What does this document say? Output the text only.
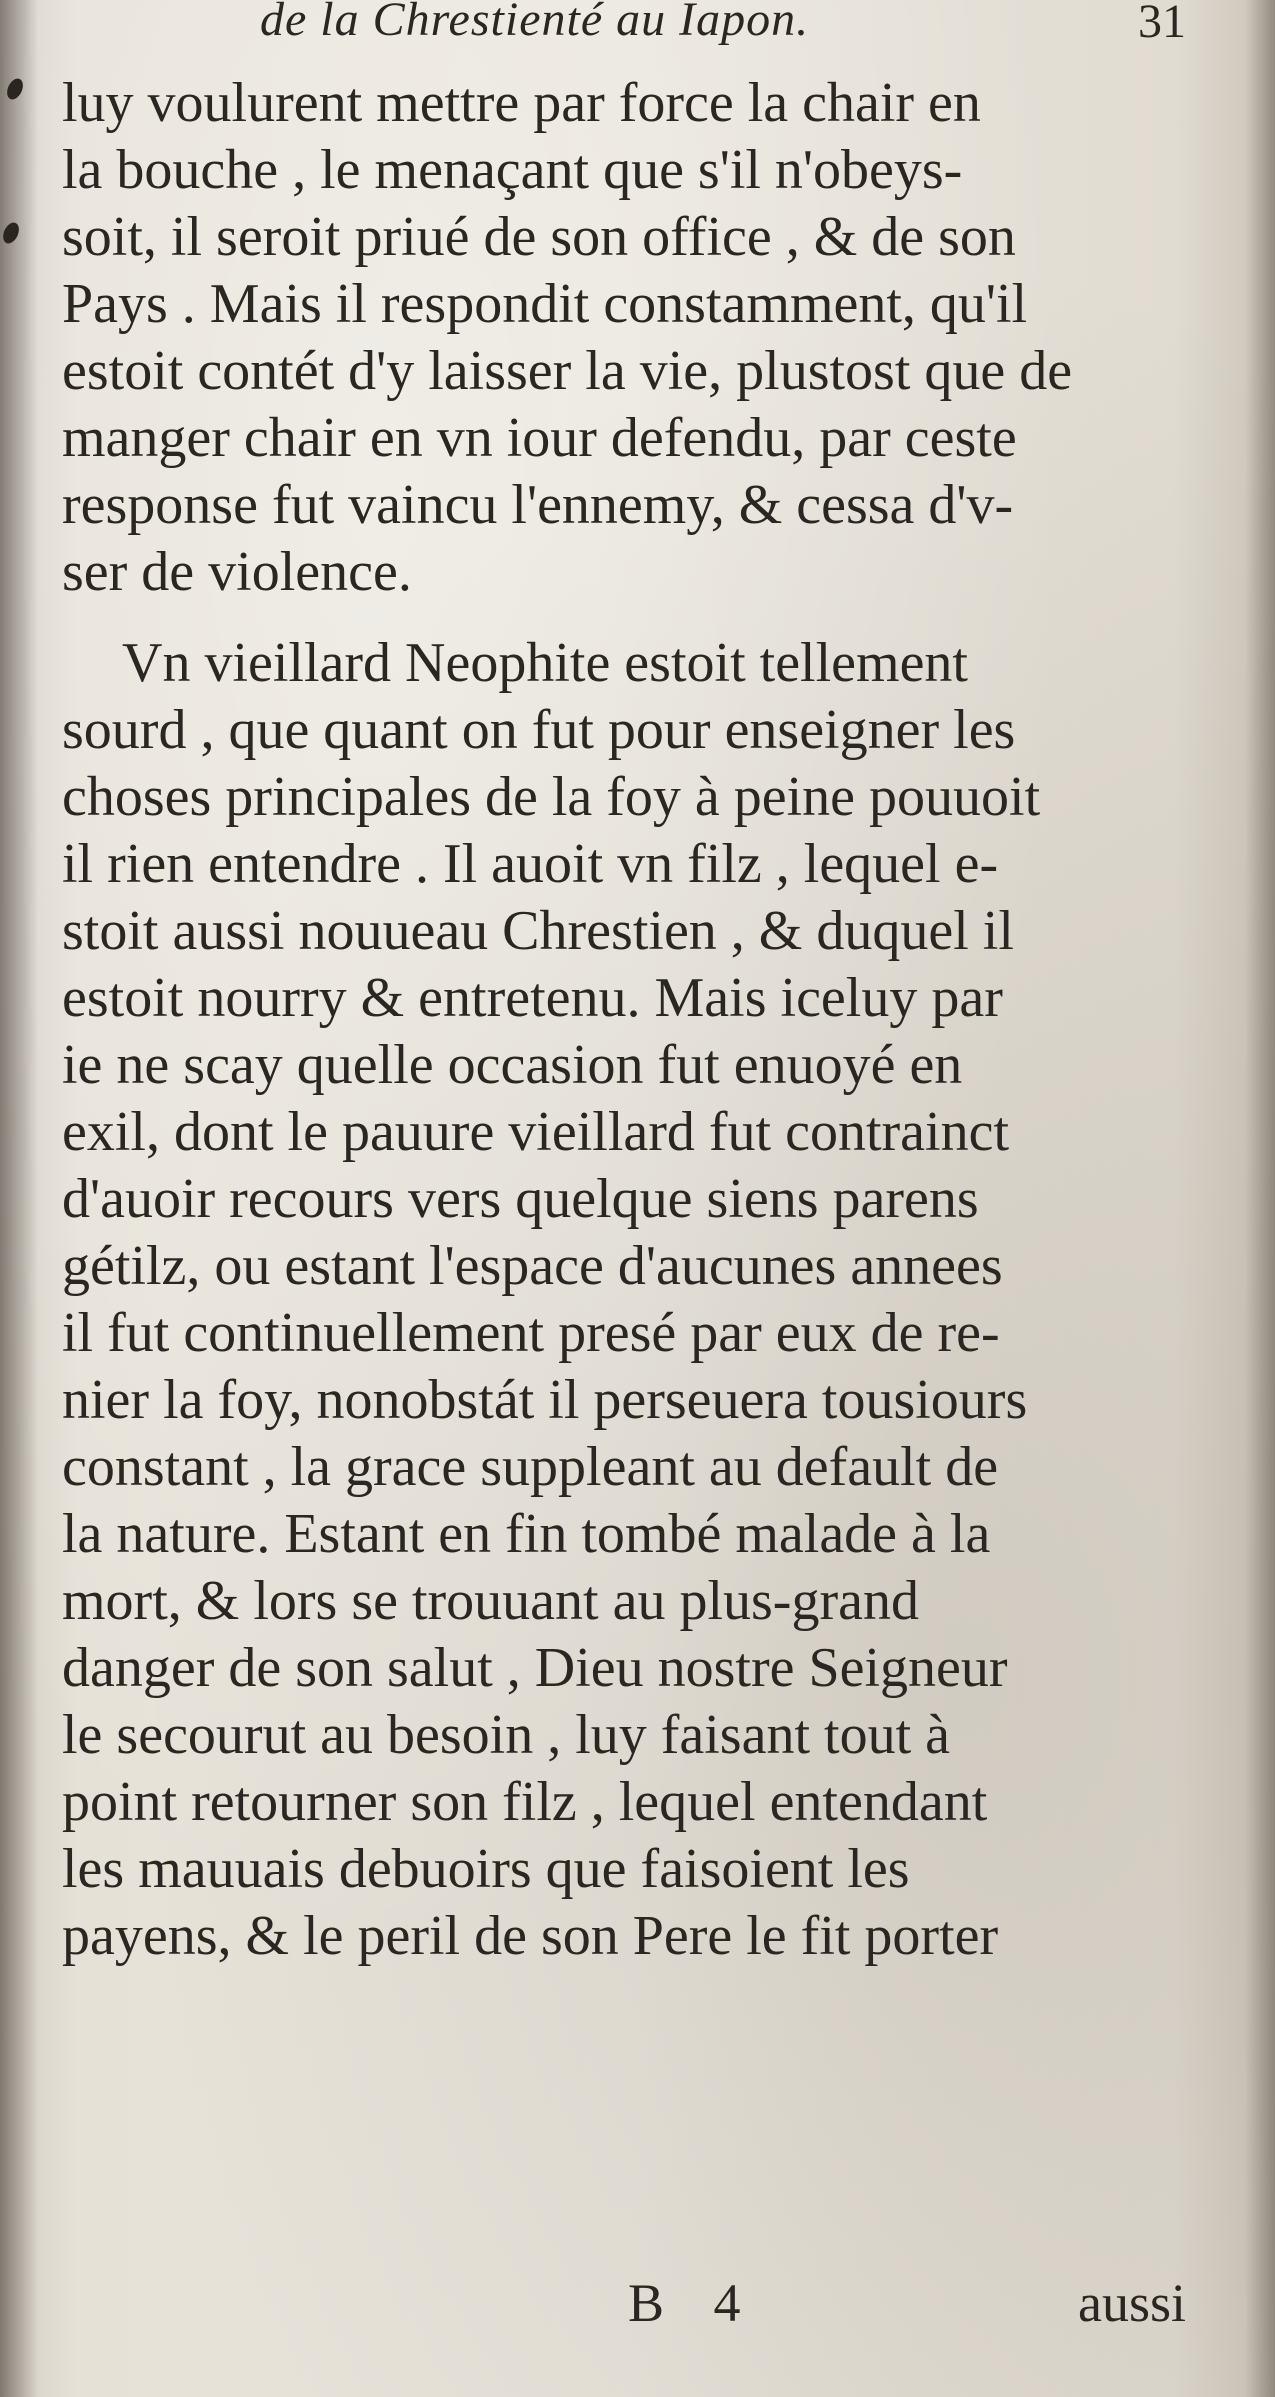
de la Chrestienté au Iapon.	31
luy voulurent mettre par force la chair en
la bouche , le menaçant que s'il n'obeys-
soit, il seroit priué de son office , & de son
Pays . Mais il respondit constamment, qu'il
estoit contét d'y laisser la vie, plustost que de
manger chair en vn iour defendu, par ceste
response fut vaincu l'ennemy, & cessa d'v-
ser de violence.
Vn vieillard Neophite estoit tellement
sourd , que quant on fut pour enseigner les
choses principales de la foy à peine pouuoit
il rien entendre . Il auoit vn filz , lequel e-
stoit aussi nouueau Chrestien , & duquel il
estoit nourry & entretenu. Mais iceluy par
ie ne scay quelle occasion fut enuoyé en
exil, dont le pauure vieillard fut contrainct
d'auoir recours vers quelque siens parens
gétilz, ou estant l'espace d'aucunes annees
il fut continuellement presé par eux de re-
nier la foy, nonobstát il perseuera tousiours
constant , la grace suppleant au default de
la nature. Estant en fin tombé malade à la
mort, & lors se trouuant au plus-grand
danger de son salut , Dieu nostre Seigneur
le secourut au besoin , luy faisant tout à
point retourner son filz , lequel entendant
les mauuais debuoirs que faisoient les
payens, & le peril de son Pere le fit porter
B 4	aussi
